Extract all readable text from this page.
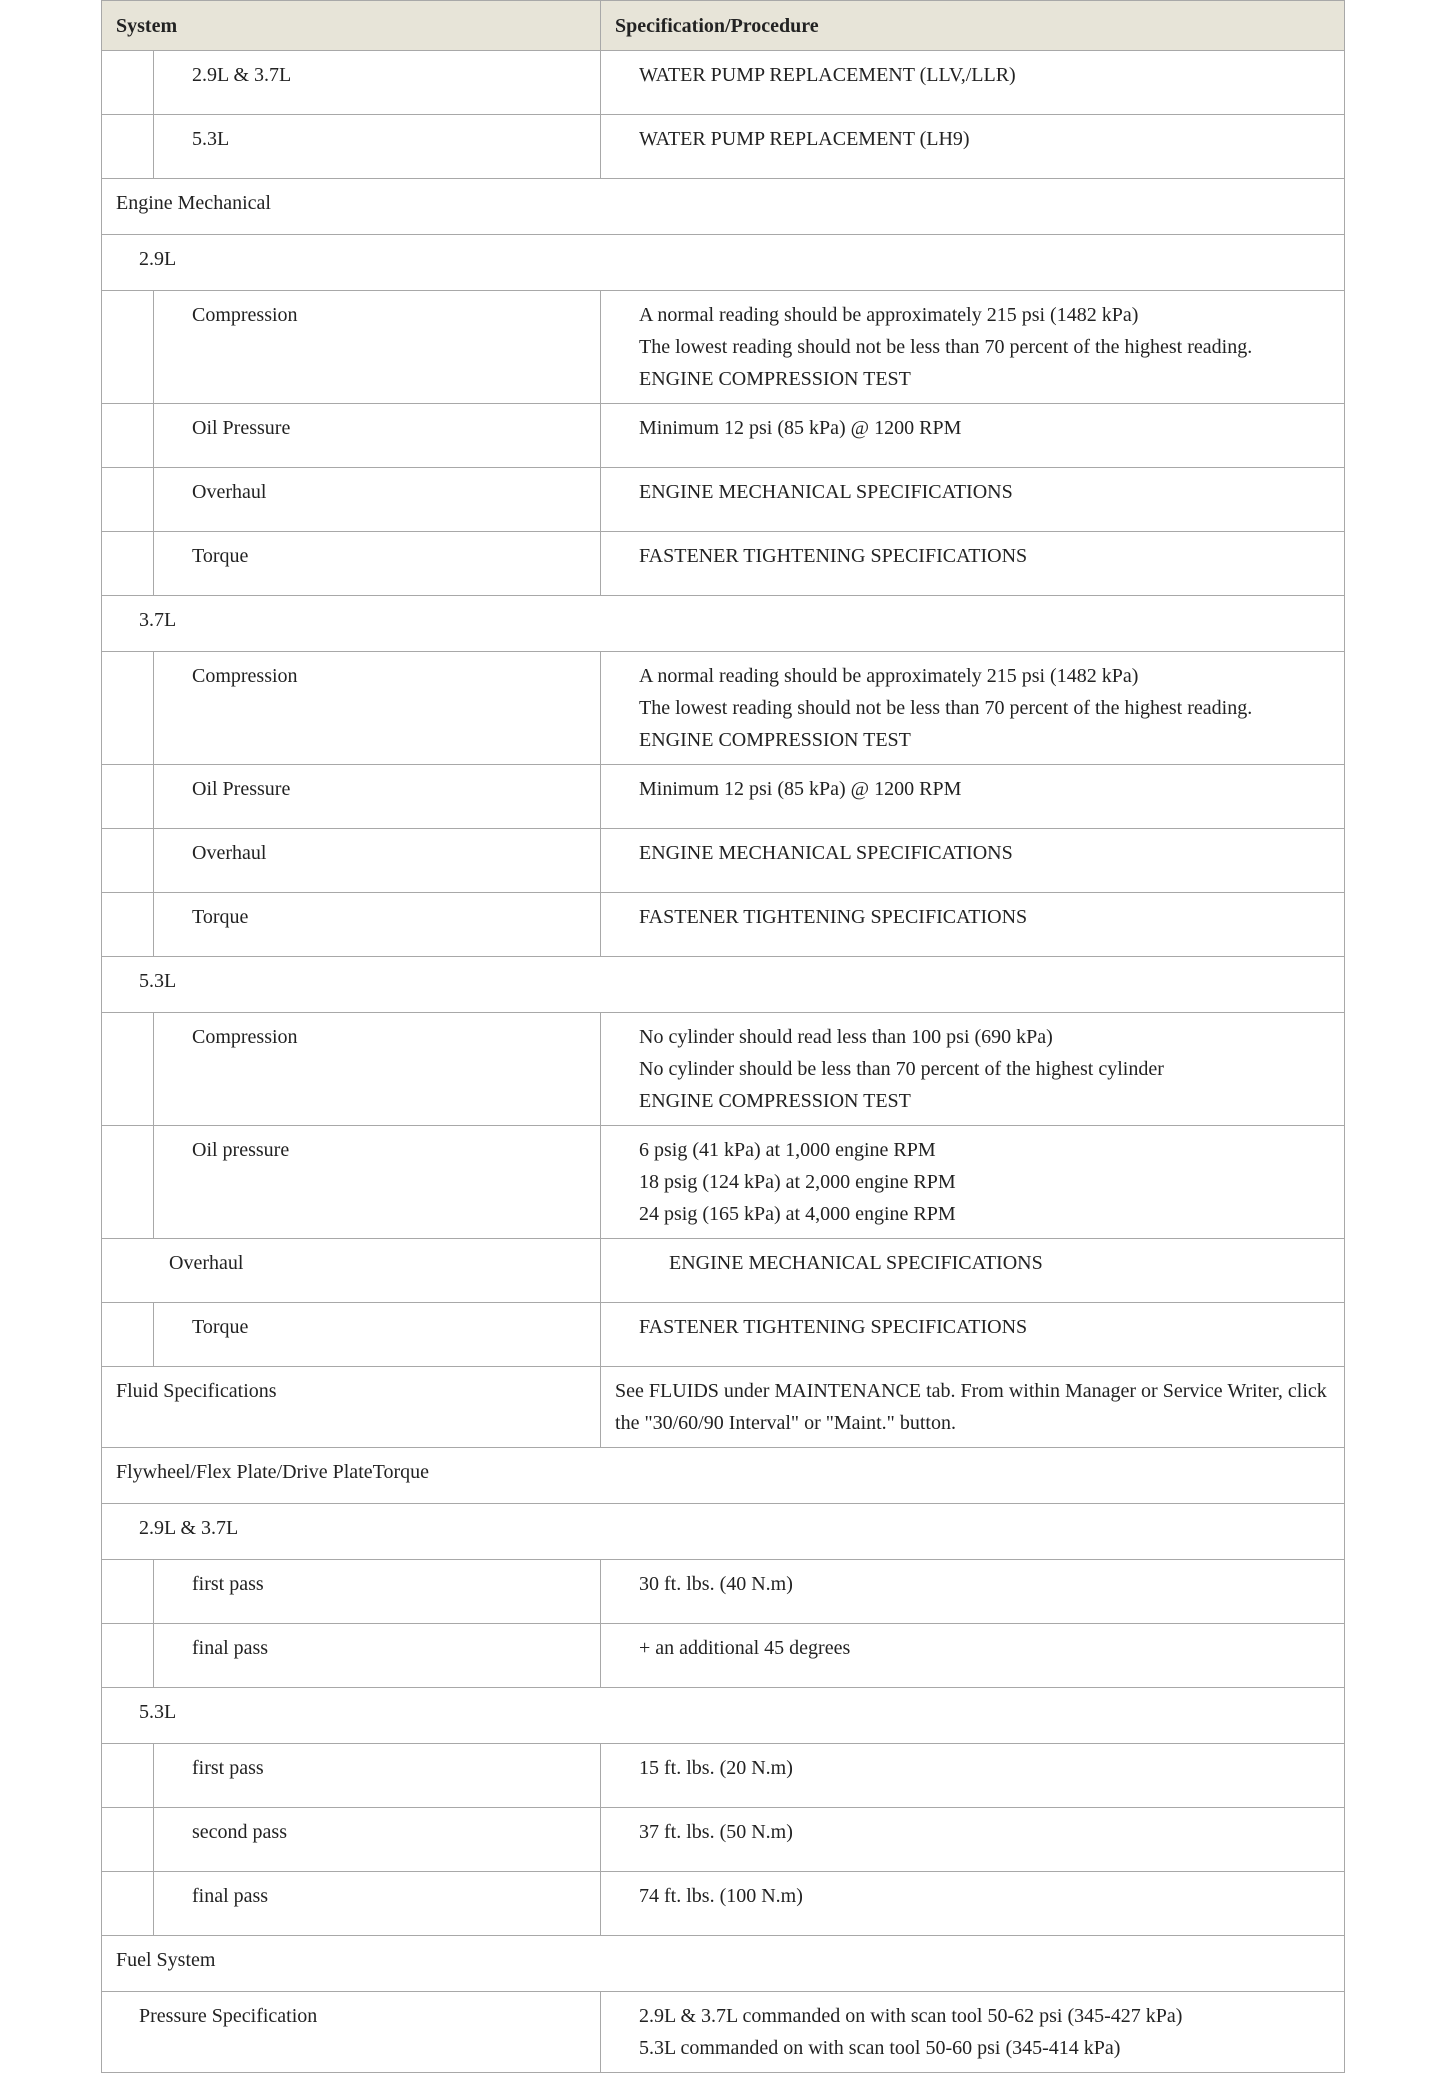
System		Specification/Procedure
	2.9L & 3.7L	WATER PUMP REPLACEMENT (LLV,/LLR)

	5.3L	WATER PUMP REPLACEMENT (LH9)

Engine Mechanical		
2.9L		
	Compression	A normal reading should be approximately 215 psi (1482 kPa)
The lowest reading should not be less than 70 percent of the highest reading.
ENGINE COMPRESSION TEST

	Oil Pressure	Minimum 12 psi (85 kPa) @ 1200 RPM

	Overhaul	ENGINE MECHANICAL SPECIFICATIONS

	Torque	FASTENER TIGHTENING SPECIFICATIONS

3.7L		
	Compression	A normal reading should be approximately 215 psi (1482 kPa)
The lowest reading should not be less than 70 percent of the highest reading.
ENGINE COMPRESSION TEST

	Oil Pressure	Minimum 12 psi (85 kPa) @ 1200 RPM

	Overhaul	ENGINE MECHANICAL SPECIFICATIONS

	Torque	FASTENER TIGHTENING SPECIFICATIONS

5.3L		
	Compression	No cylinder should read less than 100 psi (690 kPa)
No cylinder should be less than 70 percent of the highest cylinder
ENGINE COMPRESSION TEST

	Oil pressure	6 psig (41 kPa) at 1,000 engine RPM
18 psig (124 kPa) at 2,000 engine RPM
24 psig (165 kPa) at 4,000 engine RPM

Overhaul		ENGINE MECHANICAL SPECIFICATIONS

	Torque	FASTENER TIGHTENING SPECIFICATIONS

Fluid Specifications		See FLUIDS under MAINTENANCE tab. From within Manager or Service Writer, click the "30/60/90 Interval" or "Maint." button.

Flywheel/Flex Plate/Drive PlateTorque		
2.9L & 3.7L		
	first pass	30 ft. lbs. (40 N.m)

	final pass	+ an additional 45 degrees

5.3L		
	first pass	15 ft. lbs. (20 N.m)

	second pass	37 ft. lbs. (50 N.m)

	final pass	74 ft. lbs. (100 N.m)

Fuel System		
Pressure Specification		2.9L & 3.7L commanded on with scan tool 50-62 psi (345-427 kPa)
5.3L commanded on with scan tool 50-60 psi (345-414 kPa)
